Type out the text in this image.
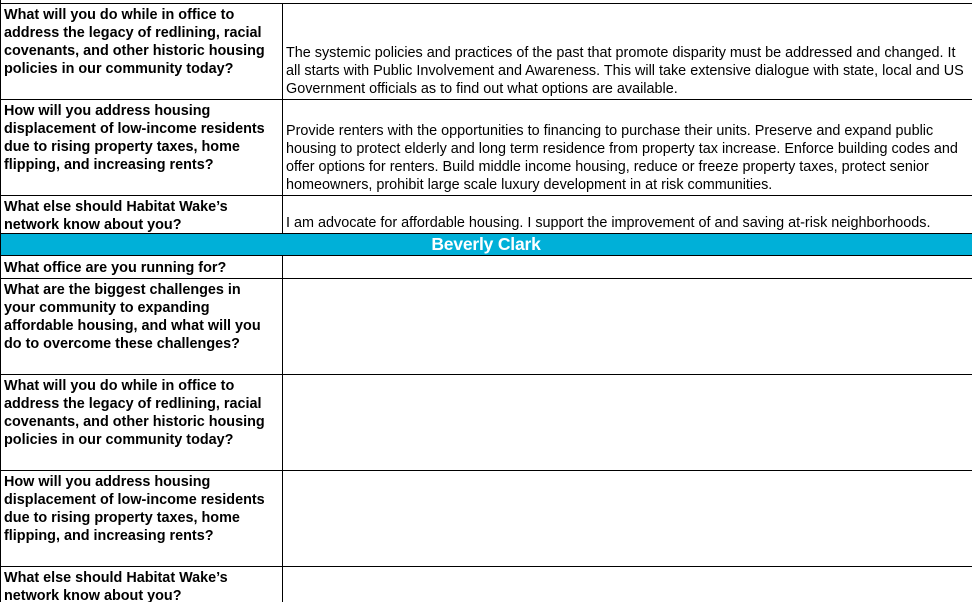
What will you do while in office to address the legacy of redlining, racial covenants, and other historic housing policies in our community today?
The systemic policies and practices of the past that promote disparity must be addressed and changed. It all starts with Public Involvement and Awareness. This will take extensive dialogue with state, local and US Government officials as to find out what options are available.
How will you address housing displacement of low-income residents due to rising property taxes, home flipping, and increasing rents?
Provide renters with the opportunities to financing to purchase their units. Preserve and expand public housing to protect elderly and long term residence from property tax increase. Enforce building codes and offer options for renters. Build middle income housing, reduce or freeze property taxes, protect senior homeowners, prohibit large scale luxury development in at risk communities.
What else should Habitat Wake’s network know about you?	I am advocate for affordable housing. I support the improvement of and saving at-risk neighborhoods.
Beverly Clark
What office are you running for?
What are the biggest challenges in your community to expanding affordable housing, and what will you do to overcome these challenges?
What will you do while in office to address the legacy of redlining, racial covenants, and other historic housing policies in our community today?
How will you address housing displacement of low-income residents due to rising property taxes, home flipping, and increasing rents?
What else should Habitat Wake’s network know about you?
